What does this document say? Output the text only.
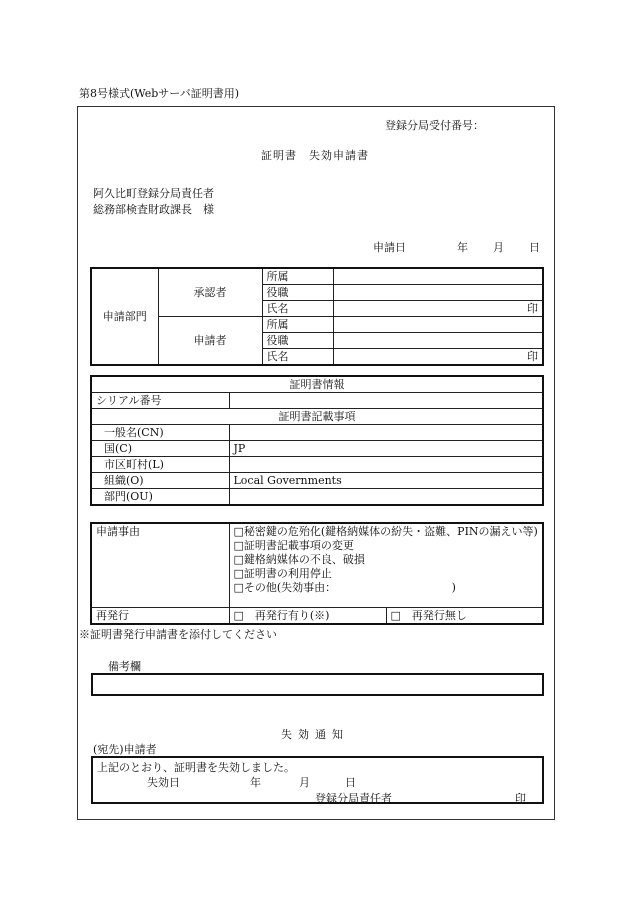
第8号様式(Webサーバ証明書用)
登録分局受付番号：
証明書　失効申請書
阿久比町登録分局責任者
総務部検査財政課長　様
申請日	年 月 日
申請部門	承認者	所属	
		役職	
		氏名	印
	申請者	所属	
		役職	
		氏名	印
証明書情報	
シリアル番号	
証明書記載事項	
一般名(CN)	
国(C)	JP
市区町村(L)	
組織(O)	Local Governments
部門(OU)	
申請事由	□秘密鍵の危殆化(鍵格納媒体の紛失・盗難、PINの漏えい等)
□証明書記載事項の変更
□鍵格納媒体の不良、破損
□証明書の利用停止
□その他(失効事由：　　　　　　　　　　　)	

再発行	□　再発行有り(※)	□　再発行無し
※証明書発行申請書を添付してください
備考欄
失効通知
(宛先)申請者
上記のとおり、証明書を失効しました。
失効日	年	月	日
登録分局責任者	印
